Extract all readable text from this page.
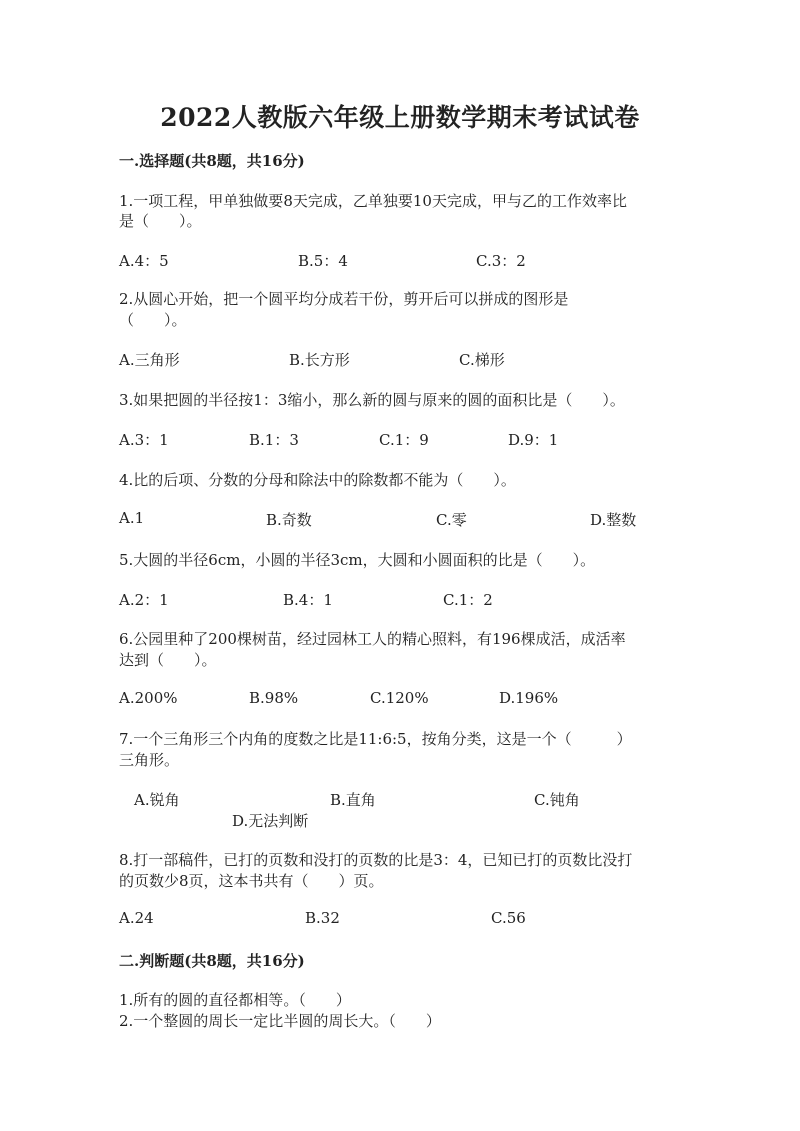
2022人教版六年级上册数学期末考试试卷
一.选择题(共8题，共16分)
1.一项工程，甲单独做要8天完成，乙单独要10天完成，甲与乙的工作效率比
是（　　）。
A.4：5	B.5：4	C.3：2
2.从圆心开始，把一个圆平均分成若干份，剪开后可以拼成的图形是
（　　）。
A.三角形	B.长方形	C.梯形
3.如果把圆的半径按1：3缩小，那么新的圆与原来的圆的面积比是（　　）。
A.3：1	B.1：3	C.1：9	D.9：1
4.比的后项、分数的分母和除法中的除数都不能为（　　）。
A.1	B.奇数	C.零	D.整数
5.大圆的半径6cm，小圆的半径3cm，大圆和小圆面积的比是（　　）。
A.2：1	B.4：1	C.1：2
6.公园里种了200棵树苗，经过园林工人的精心照料，有196棵成活，成活率
达到（　　）。
A.200%	B.98%	C.120%	D.196%
7.一个三角形三个内角的度数之比是11:6:5，按角分类，这是一个（　　　）
三角形。
A.锐角	B.直角	C.钝角
D.无法判断
8.打一部稿件，已打的页数和没打的页数的比是3：4，已知已打的页数比没打
的页数少8页，这本书共有（　　）页。
A.24	B.32	C.56
二.判断题(共8题，共16分)
1.所有的圆的直径都相等。（　　）
2.一个整圆的周长一定比半圆的周长大。（　　）
